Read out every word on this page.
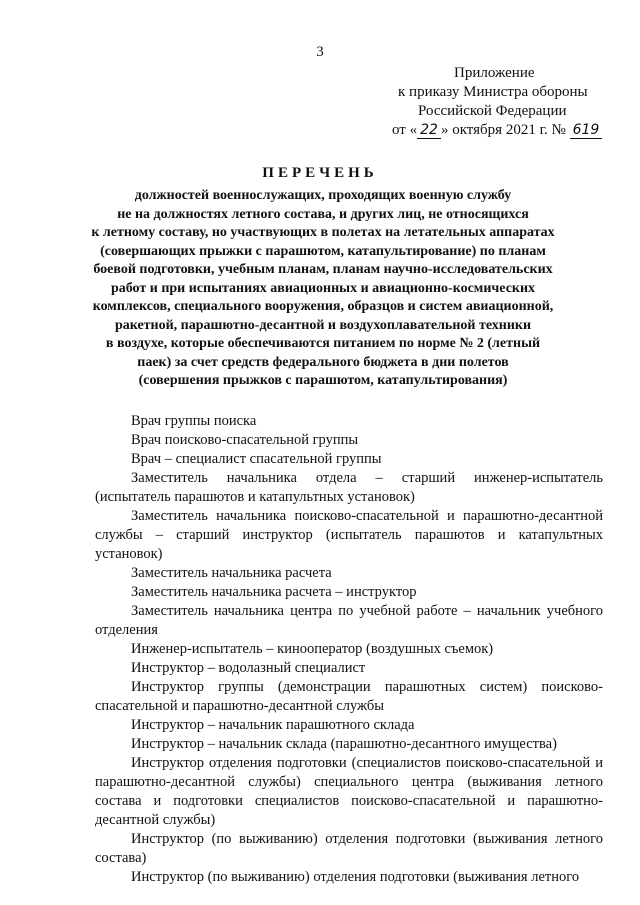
3
Приложение
к приказу Министра обороны
Российской Федерации
от « 22 » октября 2021 г. № 619
ПЕРЕЧЕНЬ
должностей военнослужащих, проходящих военную службу
не на должностях летного состава, и других лиц, не относящихся
к летному составу, но участвующих в полетах на летательных аппаратах
(совершающих прыжки с парашютом, катапультирование) по планам
боевой подготовки, учебным планам, планам научно-исследовательских
работ и при испытаниях авиационных и авиационно-космических
комплексов, специального вооружения, образцов и систем авиационной,
ракетной, парашютно-десантной и воздухоплавательной техники
в воздухе, которые обеспечиваются питанием по норме № 2 (летный
паек) за счет средств федерального бюджета в дни полетов
(совершения прыжков с парашютом, катапультирования)
Врач группы поиска
Врач поисково-спасательной группы
Врач – специалист спасательной группы
Заместитель начальника отдела – старший инженер-испытатель (испытатель парашютов и катапультных установок)
Заместитель начальника поисково-спасательной и парашютно-десантной службы – старший инструктор (испытатель парашютов и катапультных установок)
Заместитель начальника расчета
Заместитель начальника расчета – инструктор
Заместитель начальника центра по учебной работе – начальник учебного отделения
Инженер-испытатель – кинооператор (воздушных съемок)
Инструктор – водолазный специалист
Инструктор группы (демонстрации парашютных систем) поисково-спасательной и парашютно-десантной службы
Инструктор – начальник парашютного склада
Инструктор – начальник склада (парашютно-десантного имущества)
Инструктор отделения подготовки (специалистов поисково-спасательной и парашютно-десантной службы) специального центра (выживания летного состава и подготовки специалистов поисково-спасательной и парашютно-десантной службы)
Инструктор (по выживанию) отделения подготовки (выживания летного состава)
Инструктор (по выживанию) отделения подготовки (выживания летного
